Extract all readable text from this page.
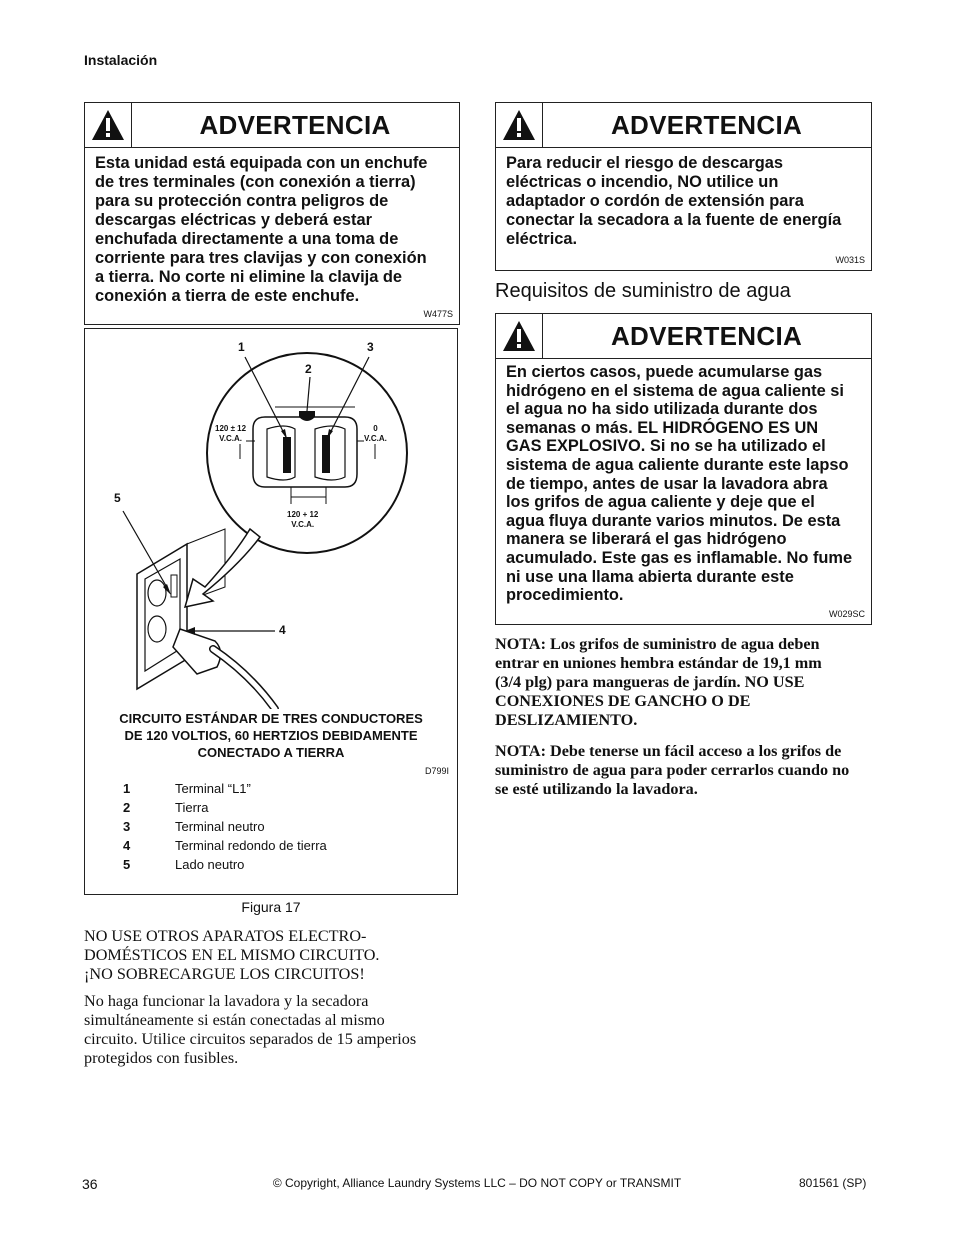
Instalación
ADVERTENCIA
Esta unidad está equipada con un enchufe
de tres terminales (con conexión a tierra)
para su protección contra peligros de
descargas eléctricas y deberá estar
enchufada directamente a una toma de
corriente para tres clavijas y con conexión
a tierra. No corte ni elimine la clavija de
conexión a tierra de este enchufe.
W477S
1
2
3
4
5
120 ± 12
V.C.A.
0
V.C.A.
120 + 12
V.C.A.
CIRCUITO ESTÁNDAR DE TRES CONDUCTORES
DE 120 VOLTIOS, 60 HERTZIOS DEBIDAMENTE
CONECTADO A TIERRA
D799I
1	Terminal “L1”
2	Tierra
3	Terminal neutro
4	Terminal redondo de tierra
5	Lado neutro
Figura 17
NO USE OTROS APARATOS ELECTRO-
DOMÉSTICOS EN EL MISMO CIRCUITO.
¡NO SOBRECARGUE LOS CIRCUITOS!
No haga funcionar la lavadora y la secadora
simultáneamente si están conectadas al mismo
circuito. Utilice circuitos separados de 15 amperios
protegidos con fusibles.
ADVERTENCIA
Para reducir el riesgo de descargas
eléctricas o incendio, NO utilice un
adaptador o cordón de extensión para
conectar la secadora a la fuente de energía
eléctrica.
W031S
Requisitos de suministro de agua
ADVERTENCIA
En ciertos casos, puede acumularse gas
hidrógeno en el sistema de agua caliente si
el agua no ha sido utilizada durante dos
semanas o más. EL HIDRÓGENO ES UN
GAS EXPLOSIVO. Si no se ha utilizado el
sistema de agua caliente durante este lapso
de tiempo, antes de usar la lavadora abra
los grifos de agua caliente y deje que el
agua fluya durante varios minutos. De esta
manera se liberará el gas hidrógeno
acumulado. Este gas es inflamable. No fume
ni use una llama abierta durante este
procedimiento.
W029SC
NOTA: Los grifos de suministro de agua deben
entrar en uniones hembra estándar de 19,1 mm
(3/4 plg) para mangueras de jardín. NO USE
CONEXIONES DE GANCHO O DE
DESLIZAMIENTO.
NOTA: Debe tenerse un fácil acceso a los grifos de
suministro de agua para poder cerrarlos cuando no
se esté utilizando la lavadora.
36	© Copyright, Alliance Laundry Systems LLC – DO NOT COPY or TRANSMIT	801561 (SP)
